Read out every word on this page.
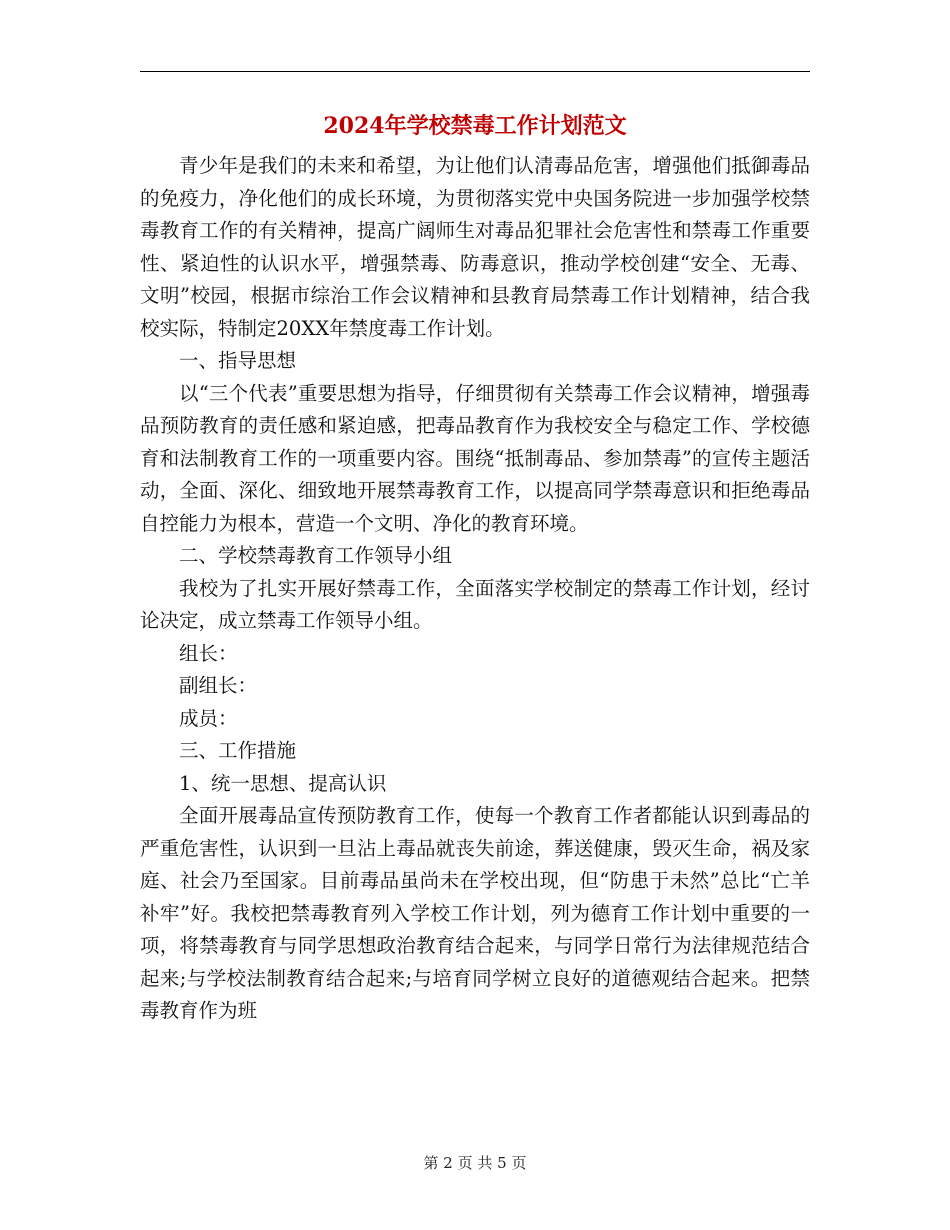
2024年学校禁毒工作计划范文

青少年是我们的未来和希望，为让他们认清毒品危害，增强他们抵御毒品的免疫力，净化他们的成长环境，为贯彻落实党中央国务院进一步加强学校禁毒教育工作的有关精神，提高广阔师生对毒品犯罪社会危害性和禁毒工作重要性、紧迫性的认识水平，增强禁毒、防毒意识，推动学校创建“安全、无毒、文明”校园，根据市综治工作会议精神和县教育局禁毒工作计划精神，结合我校实际，特制定20XX年禁度毒工作计划。

一、指导思想

以“三个代表”重要思想为指导，仔细贯彻有关禁毒工作会议精神，增强毒品预防教育的责任感和紧迫感，把毒品教育作为我校安全与稳定工作、学校德育和法制教育工作的一项重要内容。围绕“抵制毒品、参加禁毒”的宣传主题活动，全面、深化、细致地开展禁毒教育工作，以提高同学禁毒意识和拒绝毒品自控能力为根本，营造一个文明、净化的教育环境。

二、学校禁毒教育工作领导小组

我校为了扎实开展好禁毒工作，全面落实学校制定的禁毒工作计划，经讨论决定，成立禁毒工作领导小组。

组长：

副组长：

成员：

三、工作措施

1、统一思想、提高认识

全面开展毒品宣传预防教育工作，使每一个教育工作者都能认识到毒品的严重危害性，认识到一旦沾上毒品就丧失前途，葬送健康，毁灭生命，祸及家庭、社会乃至国家。目前毒品虽尚未在学校出现，但“防患于未然”总比“亡羊补牢”好。我校把禁毒教育列入学校工作计划，列为德育工作计划中重要的一项，将禁毒教育与同学思想政治教育结合起来，与同学日常行为法律规范结合起来;与学校法制教育结合起来;与培育同学树立良好的道德观结合起来。把禁毒教育作为班

第 2 页 共 5 页
